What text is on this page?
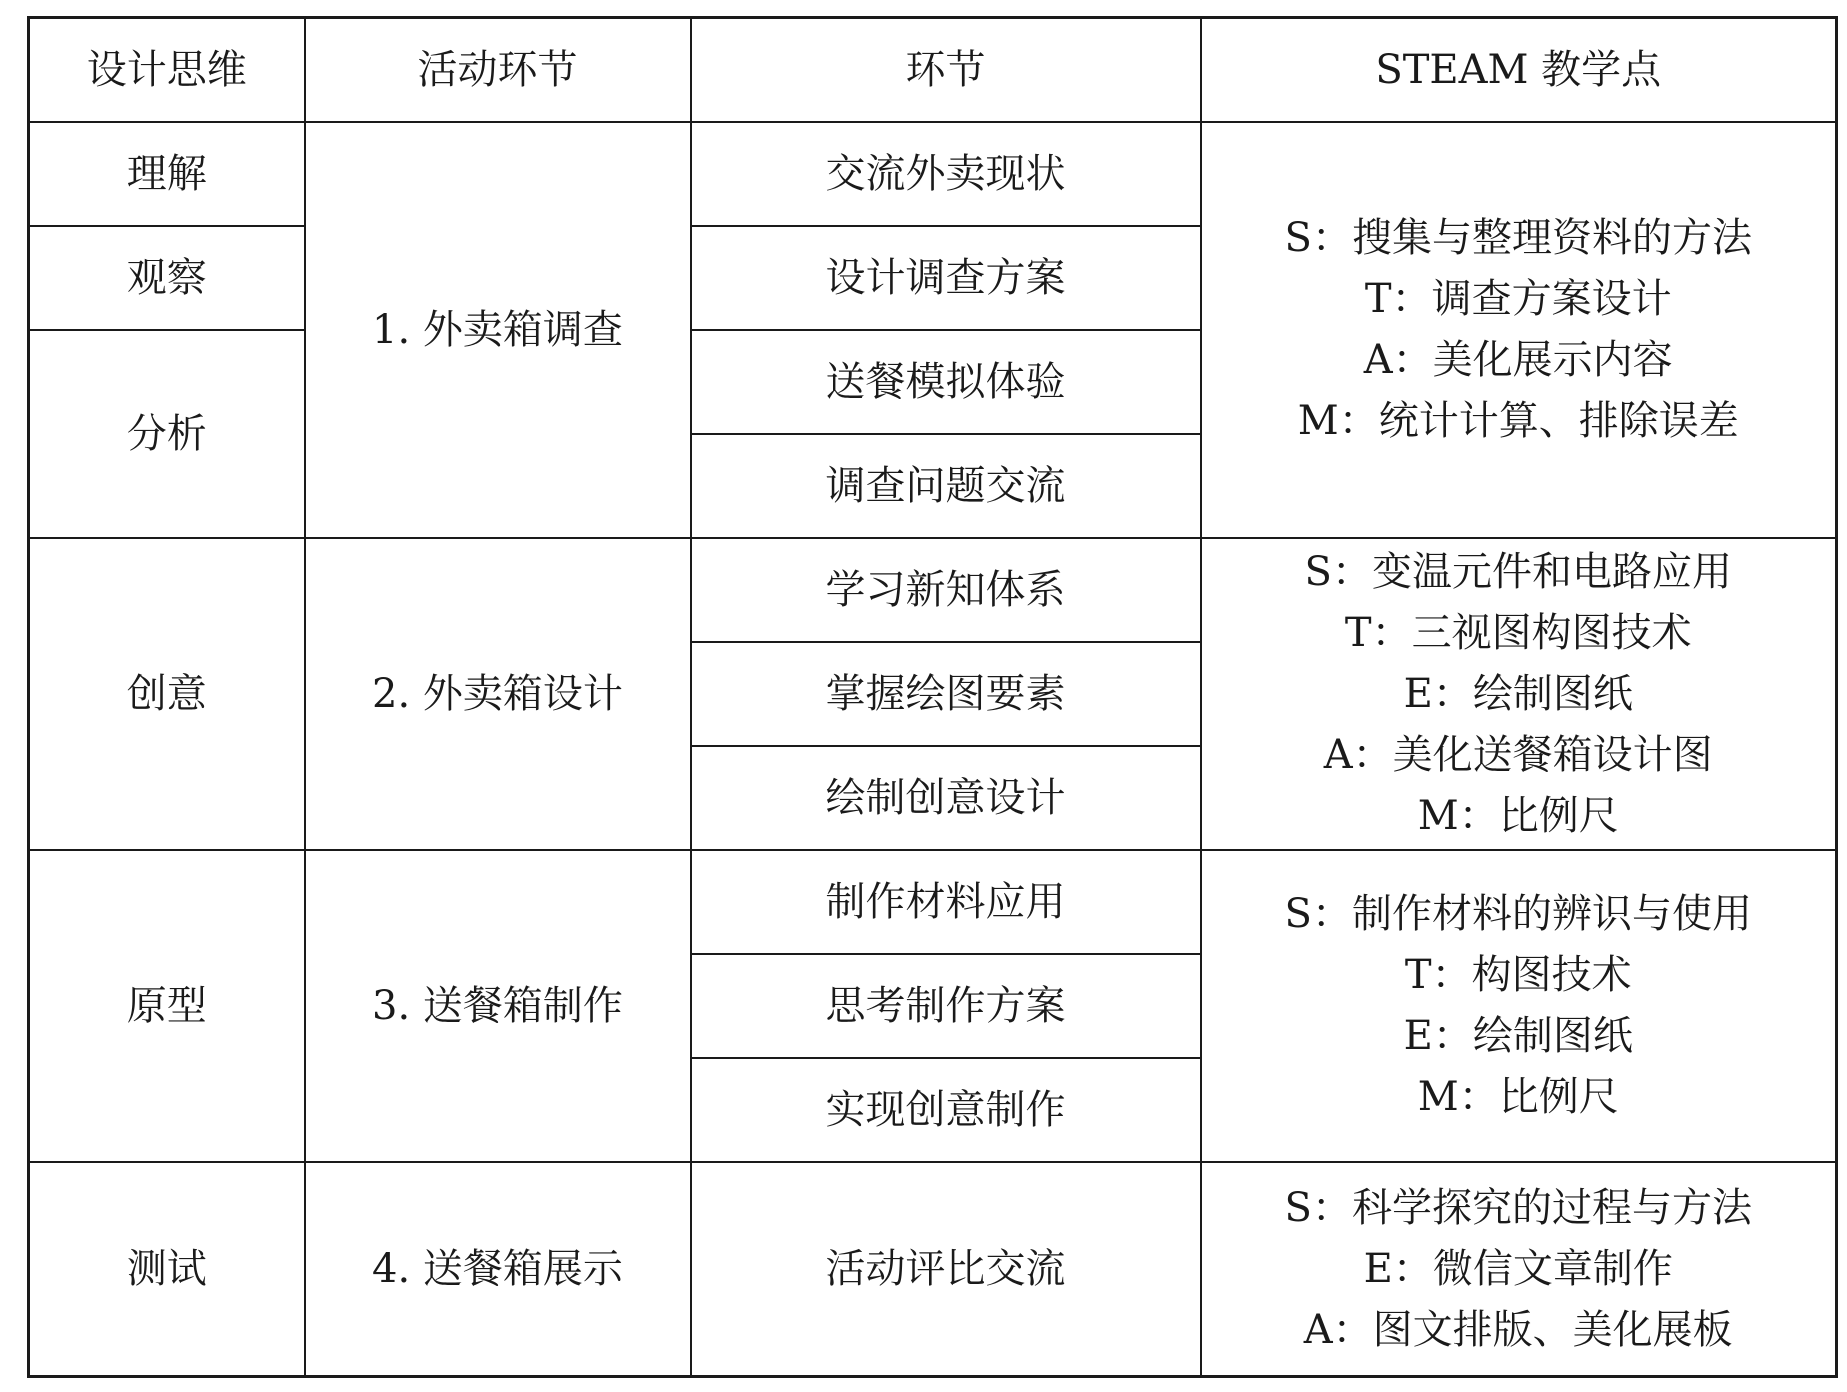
设计思维	活动环节	环节	STEAM 教学点
理解	1. 外卖箱调查	交流外卖现状	S：搜集与整理资料的方法
T：调查方案设计
A：美化展示内容
M：统计计算、排除误差

观察		设计调查方案	
分析		送餐模拟体验	
		调查问题交流	
创意	2. 外卖箱设计	学习新知体系	S：变温元件和电路应用
T：三视图构图技术
E：绘制图纸
A：美化送餐箱设计图
M：比例尺

		掌握绘图要素	
		绘制创意设计	
原型	3. 送餐箱制作	制作材料应用	S：制作材料的辨识与使用
T：构图技术
E：绘制图纸
M：比例尺

		思考制作方案	
		实现创意制作	
测试	4. 送餐箱展示	活动评比交流	S：科学探究的过程与方法
E：微信文章制作
A：图文排版、美化展板
